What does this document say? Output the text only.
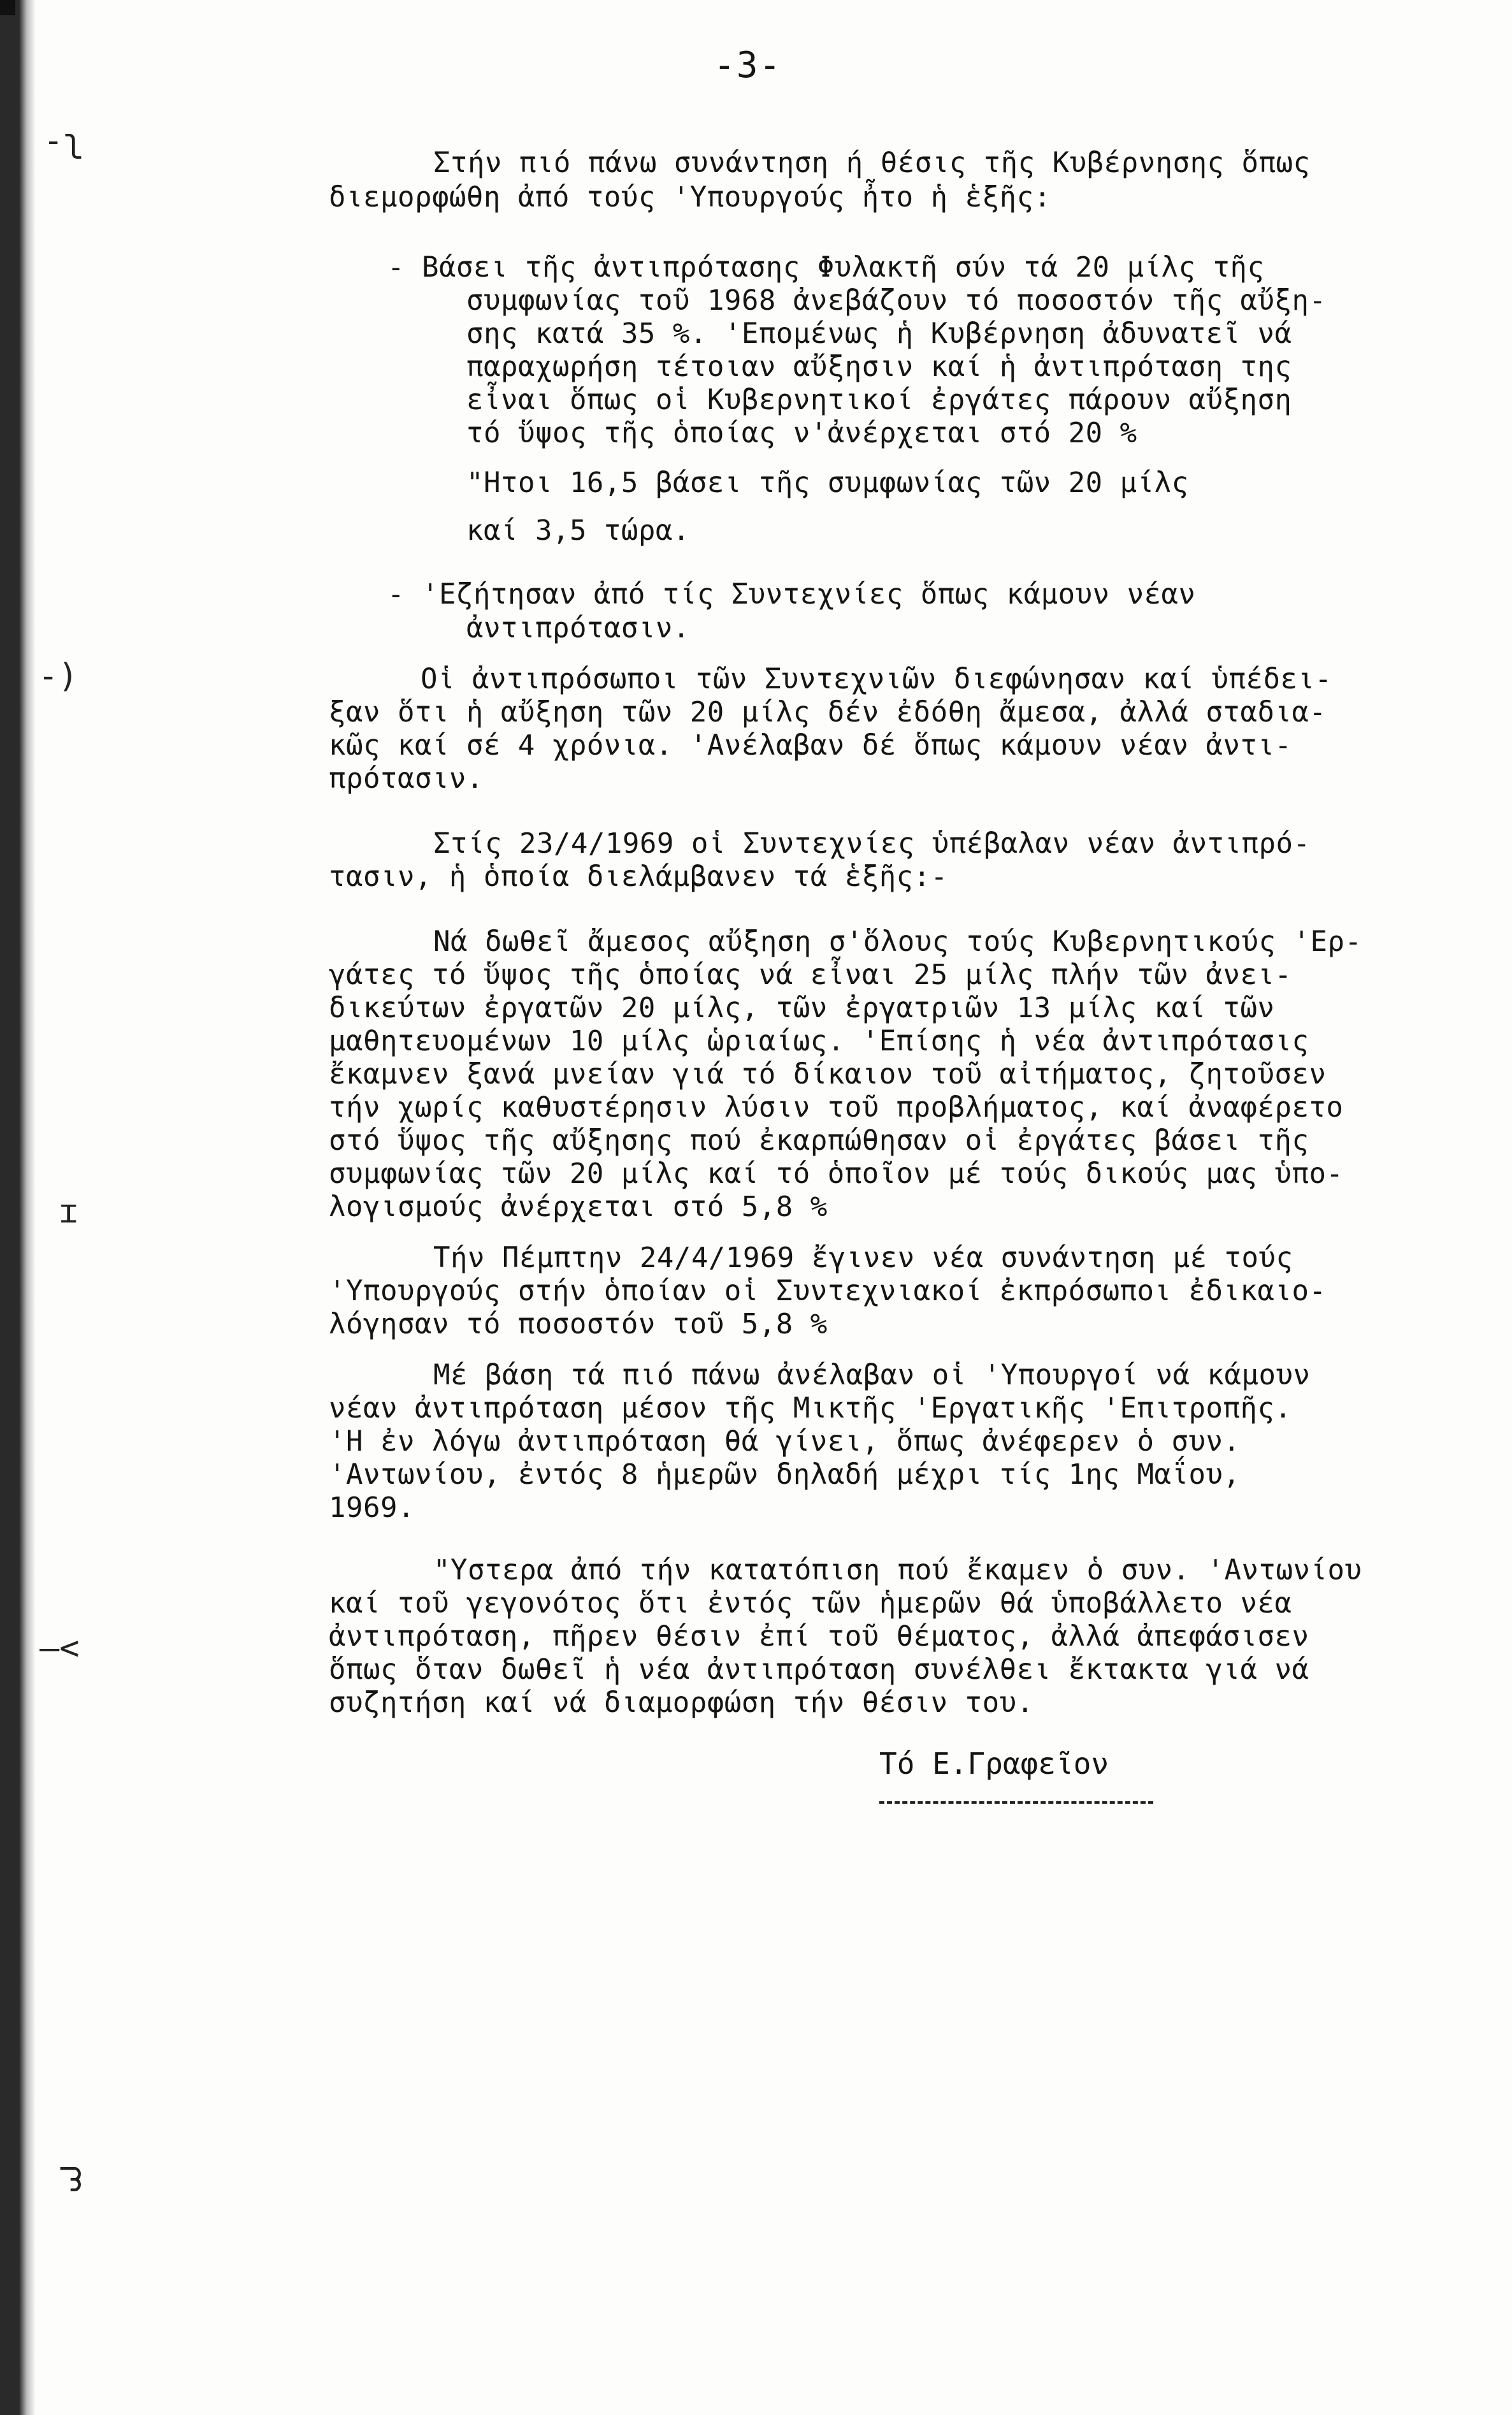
-ʅ
-)
ɪ
—<
ᘊ
-3-
Στήν πιό πάνω συνάντηση ή θέσις τῆς Κυβέρνησης ὅπως
διεμορφώθη ἀπό τούς 'Υπουργούς ἦτο ἡ ἑξῆς:
- Βάσει τῆς ἀντιπρότασης Φυλακτῆ σύν τά 20 μίλς τῆς
συμφωνίας τοῦ 1968 ἀνεβάζουν τό ποσοστόν τῆς αὔξη-
σης κατά 35 %. 'Επομένως ἡ Κυβέρνηση ἀδυνατεῖ νά
παραχωρήση τέτοιαν αὔξησιν καί ἡ ἀντιπρόταση της
εἶναι ὅπως οἱ Κυβερνητικοί ἐργάτες πάρουν αὔξηση
τό ὕψος τῆς ὁποίας ν'ἀνέρχεται στό 20 %
"Ητοι 16,5 βάσει τῆς συμφωνίας τῶν 20 μίλς
καί 3,5 τώρα.
- 'Εζήτησαν ἀπό τίς Συντεχνίες ὅπως κάμουν νέαν
ἀντιπρότασιν.
Οἱ ἀντιπρόσωποι τῶν Συντεχνιῶν διεφώνησαν καί ὑπέδει-
ξαν ὅτι ἡ αὔξηση τῶν 20 μίλς δέν ἐδόθη ἄμεσα, ἀλλά σταδια-
κῶς καί σέ 4 χρόνια. 'Ανέλαβαν δέ ὅπως κάμουν νέαν ἀντι-
πρότασιν.
Στίς 23/4/1969 οἱ Συντεχνίες ὑπέβαλαν νέαν ἀντιπρό-
τασιν, ἡ ὁποία διελάμβανεν τά ἑξῆς:-
Νά δωθεῖ ἄμεσος αὔξηση σ'ὅλους τούς Κυβερνητικούς 'Ερ-
γάτες τό ὕψος τῆς ὁποίας νά εἶναι 25 μίλς πλήν τῶν ἀνει-
δικεύτων ἐργατῶν 20 μίλς, τῶν ἐργατριῶν 13 μίλς καί τῶν
μαθητευομένων 10 μίλς ὡριαίως. 'Επίσης ἡ νέα ἀντιπρότασις
ἔκαμνεν ξανά μνείαν γιά τό δίκαιον τοῦ αἰτήματος, ζητοῦσεν
τήν χωρίς καθυστέρησιν λύσιν τοῦ προβλήματος, καί ἀναφέρετο
στό ὕψος τῆς αὔξησης πού ἐκαρπώθησαν οἱ ἐργάτες βάσει τῆς
συμφωνίας τῶν 20 μίλς καί τό ὁποῖον μέ τούς δικούς μας ὑπο-
λογισμούς ἀνέρχεται στό 5,8 %
Τήν Πέμπτην 24/4/1969 ἔγινεν νέα συνάντηση μέ τούς
'Υπουργούς στήν ὁποίαν οἱ Συντεχνιακοί ἐκπρόσωποι ἐδικαιο-
λόγησαν τό ποσοστόν τοῦ 5,8 %
Μέ βάση τά πιό πάνω ἀνέλαβαν οἱ 'Υπουργοί νά κάμουν
νέαν ἀντιπρόταση μέσον τῆς Μικτῆς 'Εργατικῆς 'Επιτροπῆς.
'Η ἐν λόγω ἀντιπρόταση θά γίνει, ὅπως ἀνέφερεν ὁ συν.
'Αντωνίου, ἐντός 8 ἡμερῶν δηλαδή μέχρι τίς 1ης Μαΐου,
1969.
"Υστερα ἀπό τήν κατατόπιση πού ἔκαμεν ὁ συν. 'Αντωνίου
καί τοῦ γεγονότος ὅτι ἐντός τῶν ἡμερῶν θά ὑποβάλλετο νέα
ἀντιπρόταση, πῆρεν θέσιν ἐπί τοῦ θέματος, ἀλλά ἀπεφάσισεν
ὅπως ὅταν δωθεῖ ἡ νέα ἀντιπρόταση συνέλθει ἔκτακτα γιά νά
συζητήση καί νά διαμορφώση τήν θέσιν του.
Τό Ε.Γραφεῖον
